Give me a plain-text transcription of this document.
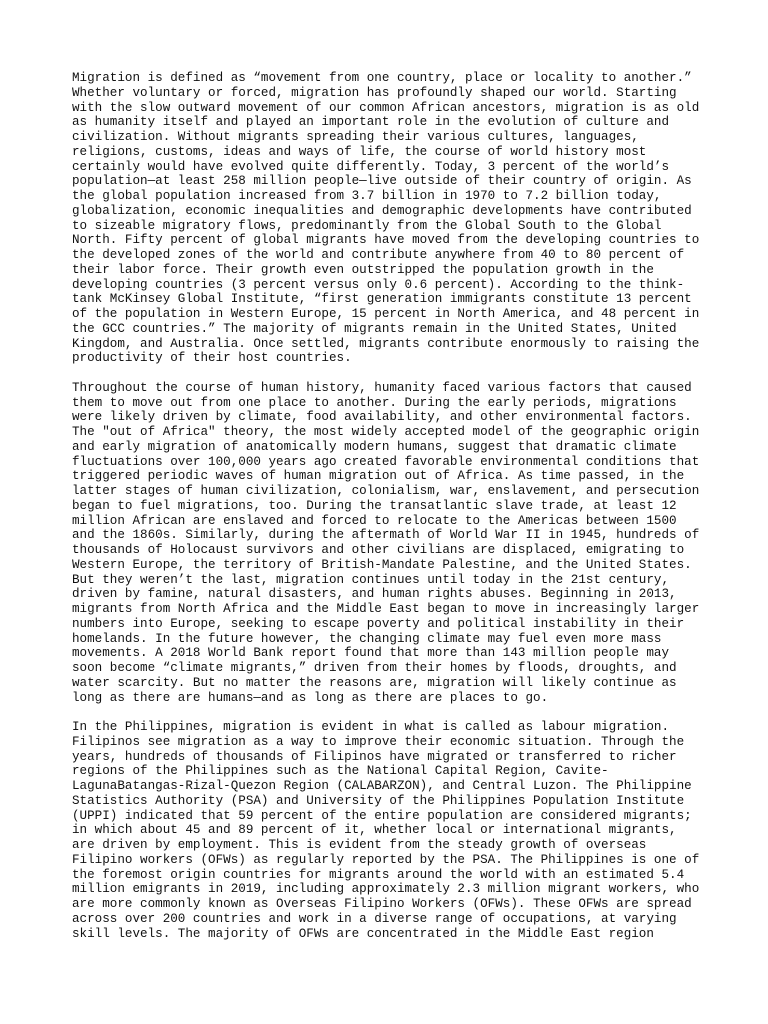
Migration is defined as “movement from one country, place or locality to another.”
Whether voluntary or forced, migration has profoundly shaped our world. Starting
with the slow outward movement of our common African ancestors, migration is as old
as humanity itself and played an important role in the evolution of culture and
civilization. Without migrants spreading their various cultures, languages,
religions, customs, ideas and ways of life, the course of world history most
certainly would have evolved quite differently. Today, 3 percent of the world’s
population—at least 258 million people—live outside of their country of origin. As
the global population increased from 3.7 billion in 1970 to 7.2 billion today,
globalization, economic inequalities and demographic developments have contributed
to sizeable migratory flows, predominantly from the Global South to the Global
North. Fifty percent of global migrants have moved from the developing countries to
the developed zones of the world and contribute anywhere from 40 to 80 percent of
their labor force. Their growth even outstripped the population growth in the
developing countries (3 percent versus only 0.6 percent). According to the think-
tank McKinsey Global Institute, “first generation immigrants constitute 13 percent
of the population in Western Europe, 15 percent in North America, and 48 percent in
the GCC countries.” The majority of migrants remain in the United States, United
Kingdom, and Australia. Once settled, migrants contribute enormously to raising the
productivity of their host countries.

Throughout the course of human history, humanity faced various factors that caused
them to move out from one place to another. During the early periods, migrations
were likely driven by climate, food availability, and other environmental factors.
The "out of Africa" theory, the most widely accepted model of the geographic origin
and early migration of anatomically modern humans, suggest that dramatic climate
fluctuations over 100,000 years ago created favorable environmental conditions that
triggered periodic waves of human migration out of Africa. As time passed, in the
latter stages of human civilization, colonialism, war, enslavement, and persecution
began to fuel migrations, too. During the transatlantic slave trade, at least 12
million African are enslaved and forced to relocate to the Americas between 1500
and the 1860s. Similarly, during the aftermath of World War II in 1945, hundreds of
thousands of Holocaust survivors and other civilians are displaced, emigrating to
Western Europe, the territory of British-Mandate Palestine, and the United States.
But they weren’t the last, migration continues until today in the 21st century,
driven by famine, natural disasters, and human rights abuses. Beginning in 2013,
migrants from North Africa and the Middle East began to move in increasingly larger
numbers into Europe, seeking to escape poverty and political instability in their
homelands. In the future however, the changing climate may fuel even more mass
movements. A 2018 World Bank report found that more than 143 million people may
soon become “climate migrants,” driven from their homes by floods, droughts, and
water scarcity. But no matter the reasons are, migration will likely continue as
long as there are humans—and as long as there are places to go.

In the Philippines, migration is evident in what is called as labour migration.
Filipinos see migration as a way to improve their economic situation. Through the
years, hundreds of thousands of Filipinos have migrated or transferred to richer
regions of the Philippines such as the National Capital Region, Cavite-
LagunaBatangas-Rizal-Quezon Region (CALABARZON), and Central Luzon. The Philippine
Statistics Authority (PSA) and University of the Philippines Population Institute
(UPPI) indicated that 59 percent of the entire population are considered migrants;
in which about 45 and 89 percent of it, whether local or international migrants,
are driven by employment. This is evident from the steady growth of overseas
Filipino workers (OFWs) as regularly reported by the PSA. The Philippines is one of
the foremost origin countries for migrants around the world with an estimated 5.4
million emigrants in 2019, including approximately 2.3 million migrant workers, who
are more commonly known as Overseas Filipino Workers (OFWs). These OFWs are spread
across over 200 countries and work in a diverse range of occupations, at varying
skill levels. The majority of OFWs are concentrated in the Middle East region
